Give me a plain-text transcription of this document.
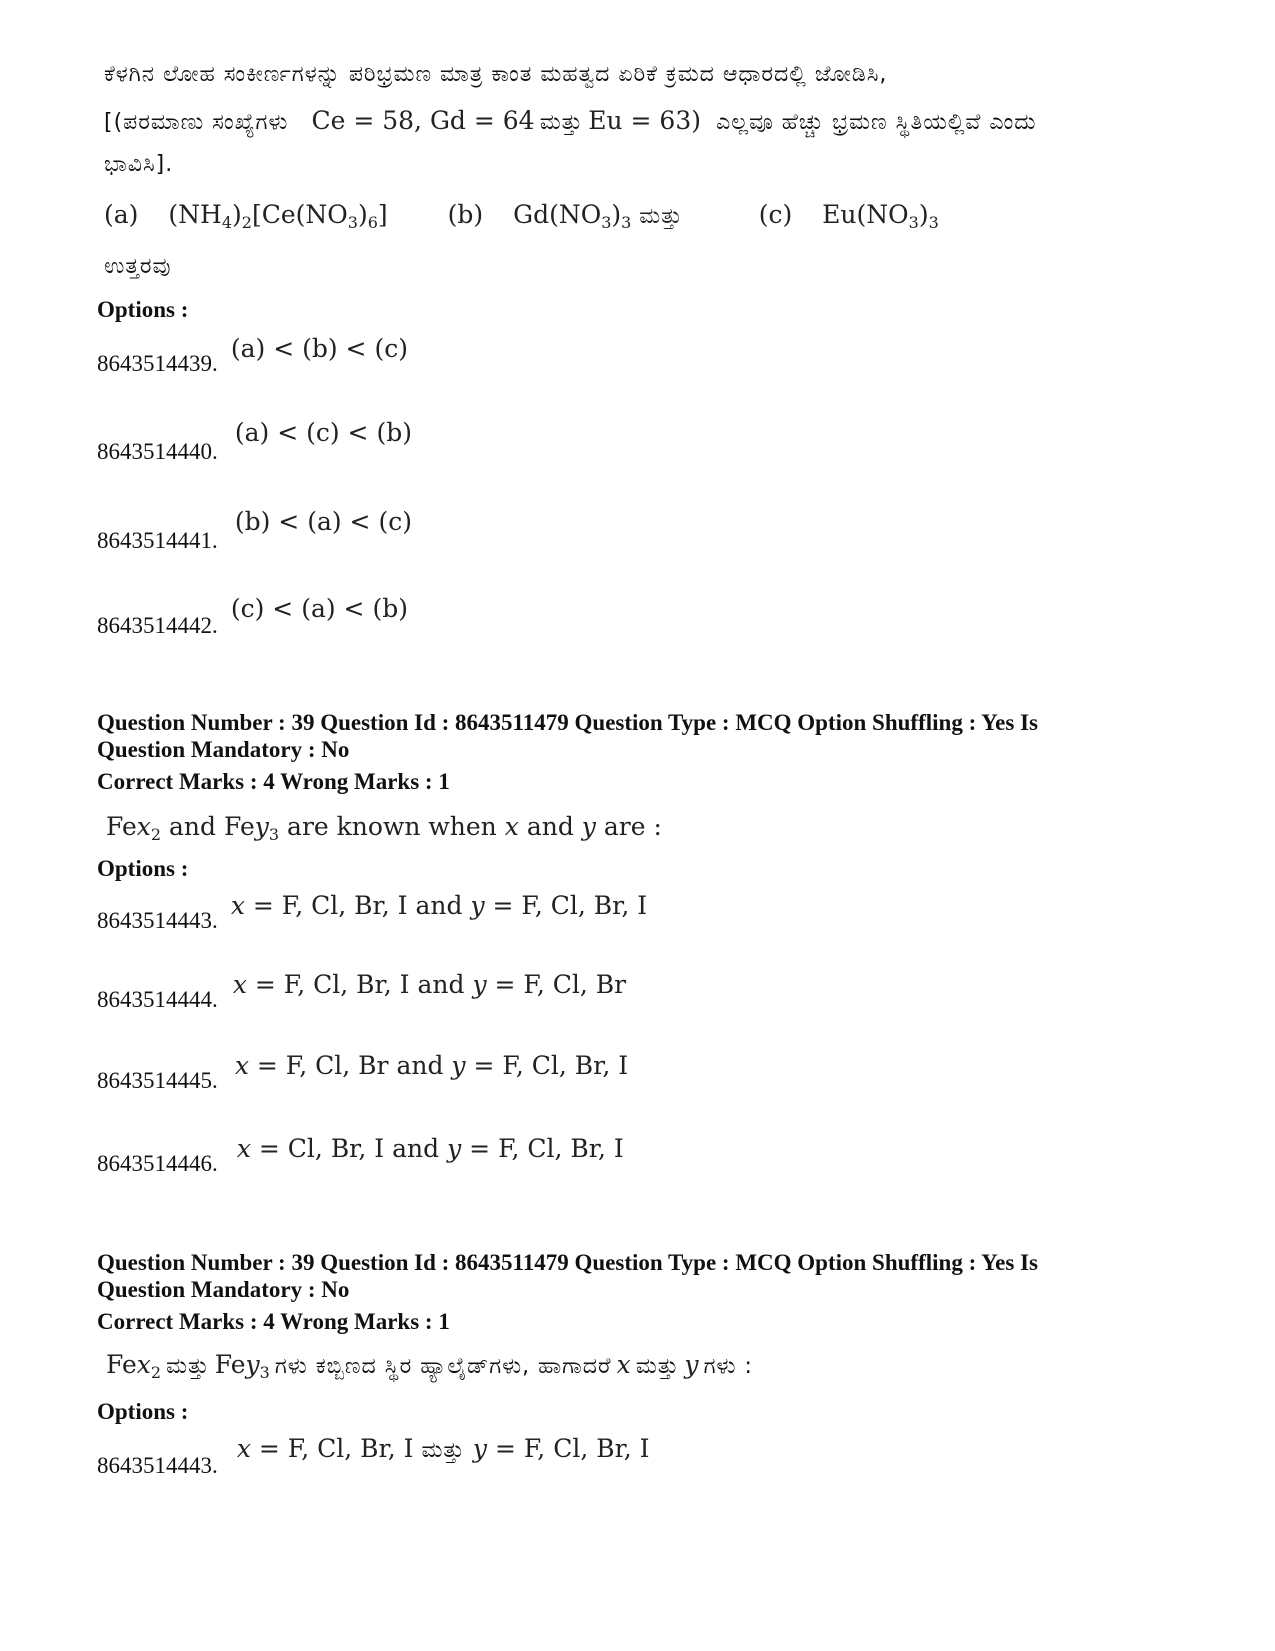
ಕೆಳಗಿನ ಲೋಹ ಸಂಕೀರ್ಣಗಳನ್ನು ಪರಿಭ್ರಮಣ ಮಾತ್ರ ಕಾಂತ ಮಹತ್ವದ ಏರಿಕೆ ಕ್ರಮದ ಆಧಾರದಲ್ಲಿ ಜೋಡಿಸಿ,
[(ಪರಮಾಣು ಸಂಖ್ಯೆಗಳು Ce = 58, Gd = 64 ಮತ್ತು Eu = 63) ಎಲ್ಲವೂ ಹೆಚ್ಚು ಭ್ರಮಣ ಸ್ಥಿತಿಯಲ್ಲಿವೆ ಎಂದು
ಭಾವಿಸಿ].
(a) $(NH_4)_2[Ce(NO_3)_6]$ (b) $Gd(NO_3)_3$ ಮತ್ತು	(c) $Eu(NO_3)_3$
ಉತ್ತರವು
Options :
8643514439. (a) < (b) < (c)
8643514440. (a) < (c) < (b)
8643514441. (b) < (a) < (c)
8643514442. (c) < (a) < (b)
Question Number : 39 Question Id : 8643511479 Question Type : MCQ Option Shuffling : Yes Is
Question Mandatory : No
Correct Marks : 4 Wrong Marks : 1
Fex$_2$ and Fey$_3$ are known when x and y are :
Options :
8643514443. x = F, Cl, Br, I and y = F, Cl, Br, I
8643514444. x = F, Cl, Br, I and y = F, Cl, Br
8643514445. x = F, Cl, Br and y = F, Cl, Br, I
8643514446. x = Cl, Br, I and y = F, Cl, Br, I
Question Number : 39 Question Id : 8643511479 Question Type : MCQ Option Shuffling : Yes Is
Question Mandatory : No
Correct Marks : 4 Wrong Marks : 1
Fex$_2$ ಮತ್ತು Fey$_3$ ಗಳು ಕಬ್ಬಿಣದ ಸ್ಥಿರ ಹ್ಯಾಲೈಡ್‌ಗಳು, ಹಾಗಾದರೆ x ಮತ್ತು y ಗಳು :
Options :
8643514443. x = F, Cl, Br, I ಮತ್ತು y = F, Cl, Br, I
